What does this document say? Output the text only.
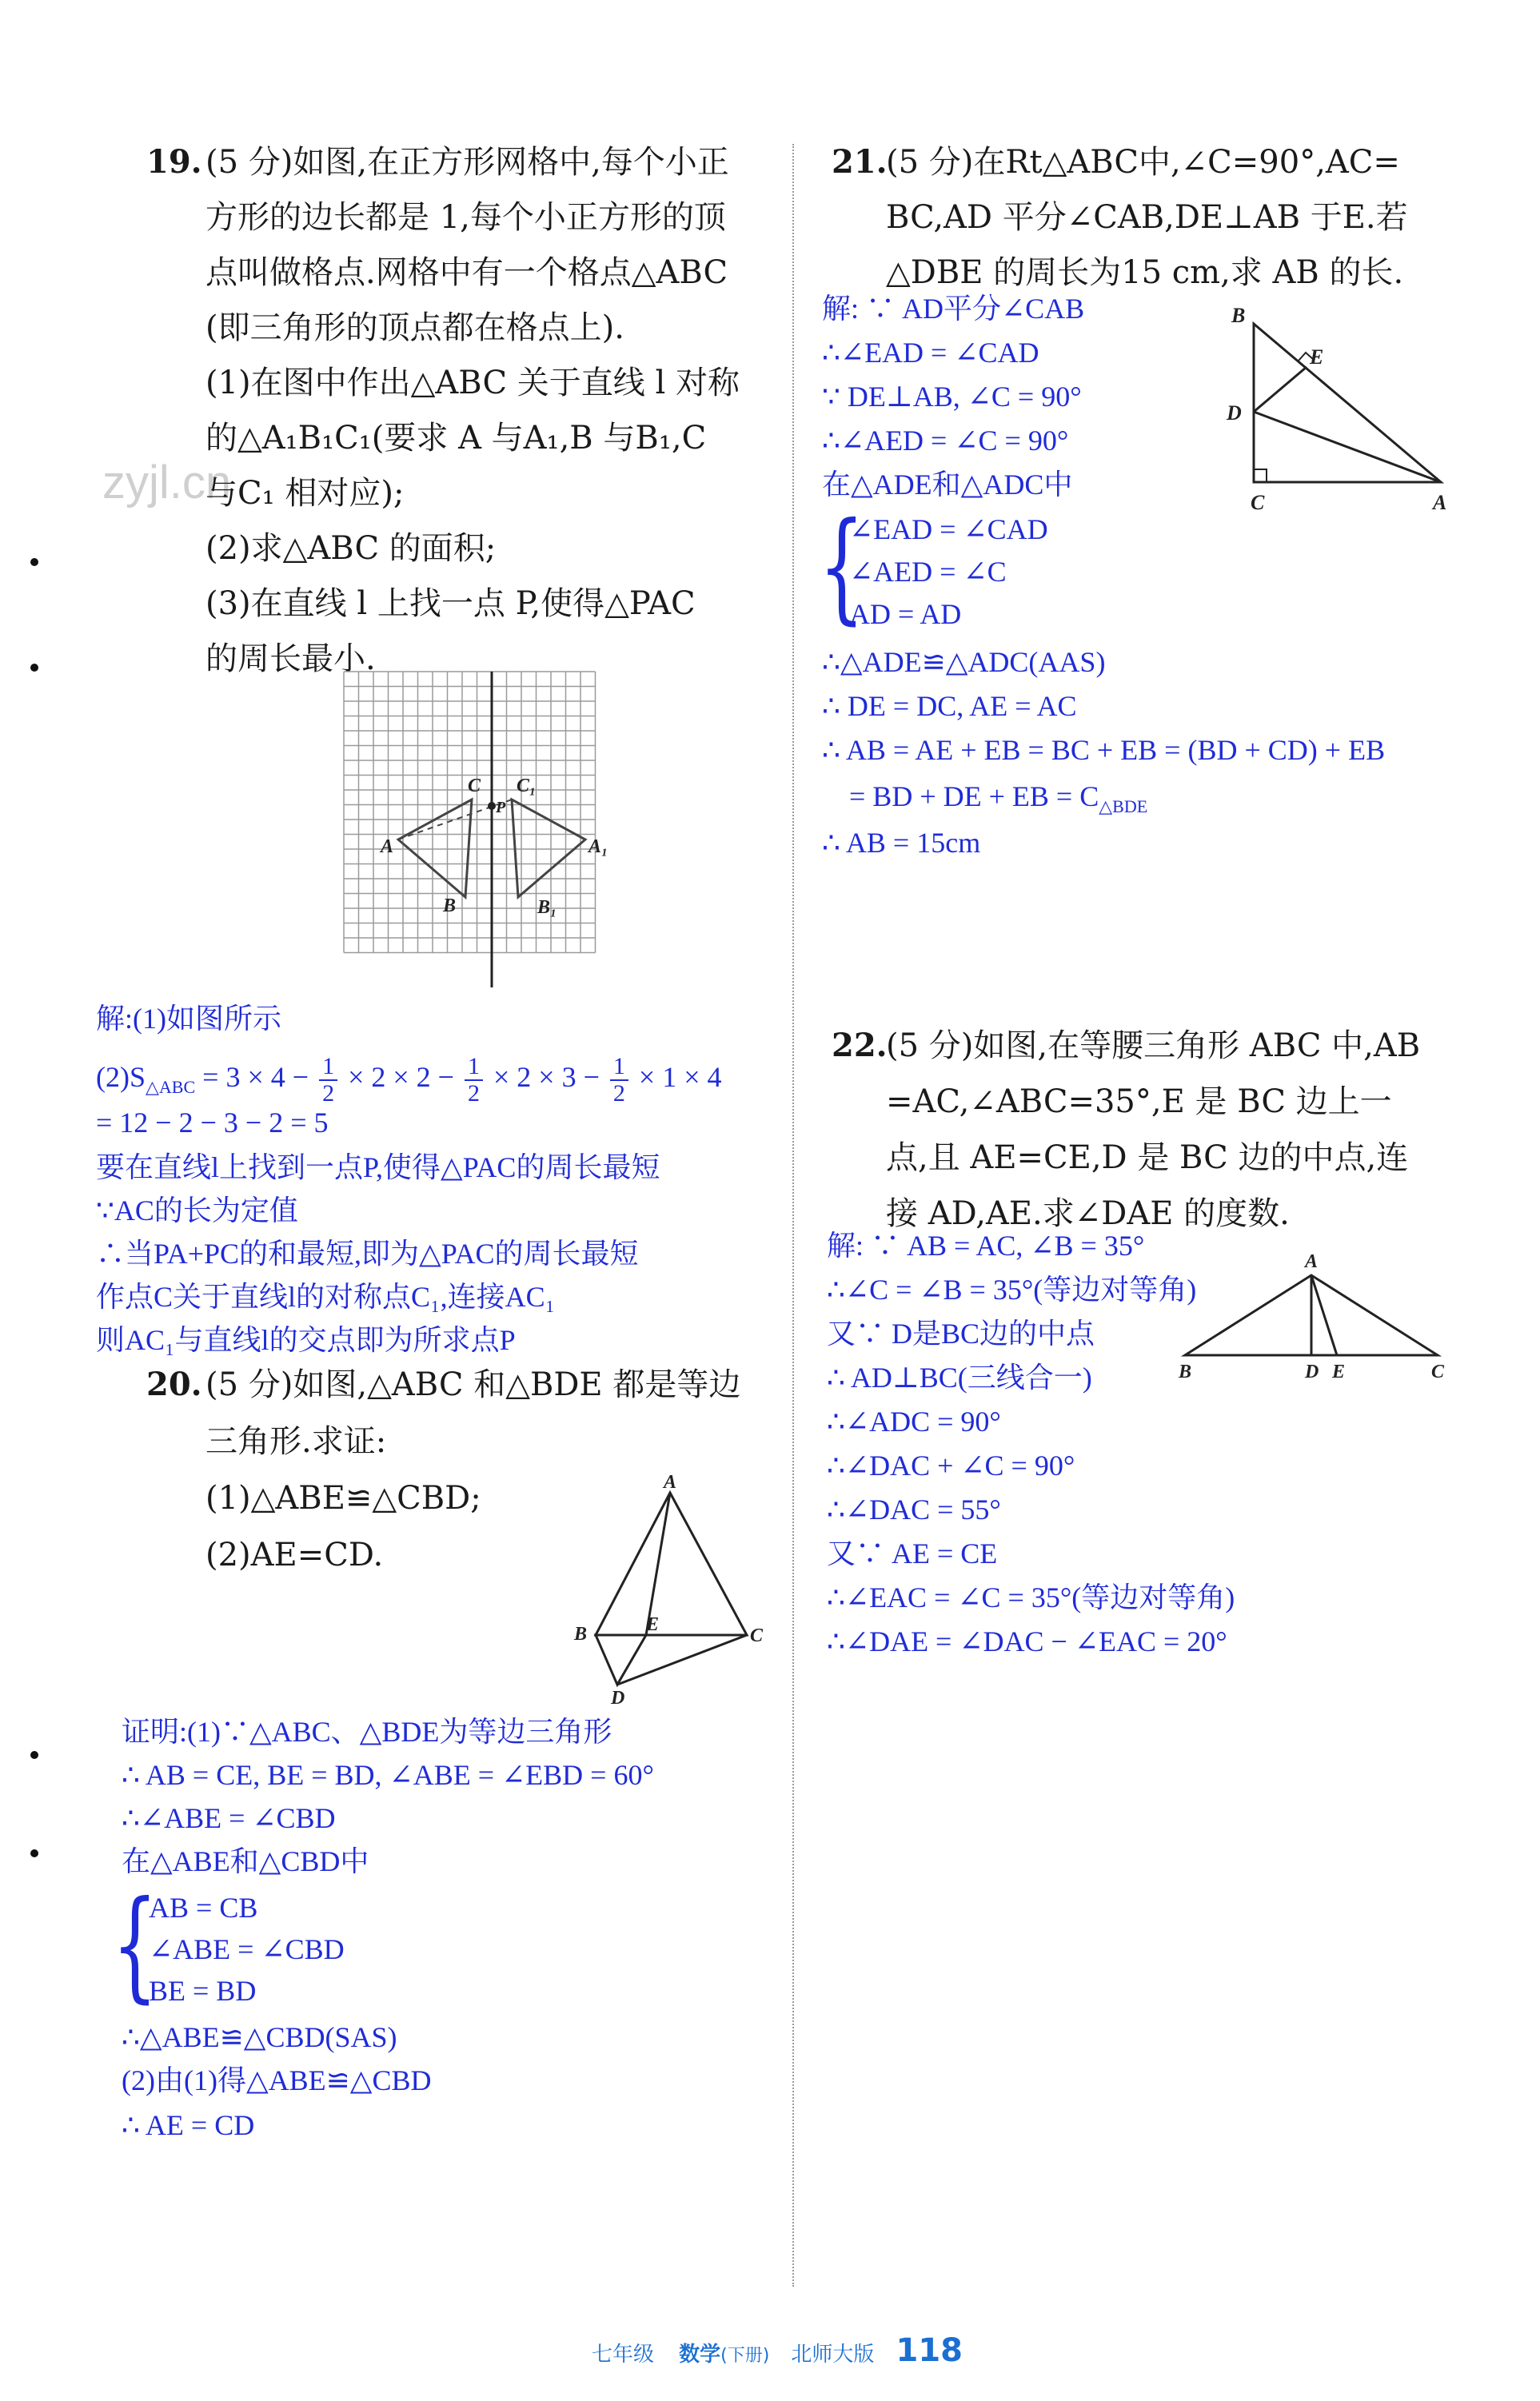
zyjl.cn
19. (5 分)如图,在正方形网格中,每个小正
方形的边长都是 1,每个小正方形的顶
点叫做格点.网格中有一个格点△ABC
(即三角形的顶点都在格点上).
(1)在图中作出△ABC 关于直线 l 对称
的△A₁B₁C₁(要求 A 与A₁,B 与B₁,C
与C₁ 相对应);
(2)求△ABC 的面积;
(3)在直线 l 上找一点 P,使得△PAC
的周长最小.
A
B
C
A₁
B₁
C₁
P
解:(1)如图所示
$(2)S_{\triangle ABC} = 3 \times 4 - \frac{1}{2} \times 2 \times 2 - \frac{1}{2} \times 2 \times 3 - \frac{1}{2} \times 1 \times 4$
= 12 − 2 − 3 − 2 = 5
要在直线l上找到一点P,使得△PAC的周长最短
∵AC的长为定值
∴当PA+PC的和最短,即为△PAC的周长最短
作点C关于直线l的对称点C₁,连接AC₁
则AC₁与直线l的交点即为所求点P
20. (5 分)如图,△ABC 和△BDE 都是等边
三角形.求证:
(1)△ABE≌△CBD;
(2)AE=CD.
A
B	C
D
E
证明:(1)∵△ABC、△BDE为等边三角形
∴ AB = CE, BE = BD, ∠ABE = ∠EBD = 60°
∴∠ABE = ∠CBD
在△ABE和△CBD中
{
AB = CB
∠ABE = ∠CBD
BE = BD
∴△ABE≌△CBD(SAS)
(2)由(1)得△ABE≌△CBD
∴ AE = CD
21.
(5 分)在Rt△ABC中,∠C=90°,AC=
BC,AD 平分∠CAB,DE⊥AB 于E.若
△DBE 的周长为15 cm,求 AB 的长.
B
E
D
C	A
解: ∵ AD平分∠CAB
∴∠EAD = ∠CAD
∵ DE⊥AB, ∠C = 90°
∴∠AED = ∠C = 90°
在△ADE和△ADC中
{
∠EAD = ∠CAD
∠AED = ∠C
AD = AD
∴△ADE≌△ADC(AAS)
∴ DE = DC, AE = AC
∴ AB = AE + EB = BC + EB = (BD + CD) + EB
= BD + DE + EB = $C_{\triangle BDE}$
∴ AB = 15cm
22.
(5 分)如图,在等腰三角形 ABC 中,AB
=AC,∠ABC=35°,E 是 BC 边上一
点,且 AE=CE,D 是 BC 边的中点,连
接 AD,AE.求∠DAE 的度数.
A
B	D E	C
解: ∵ AB = AC, ∠B = 35°
∴∠C = ∠B = 35°(等边对等角)
又∵ D是BC边的中点
∴ AD⊥BC(三线合一)
∴∠ADC = 90°
∴∠DAC + ∠C = 90°
∴∠DAC = 55°
又∵ AE = CE
∴∠EAC = ∠C = 35°(等边对等角)
∴∠DAE = ∠DAC − ∠EAC = 20°
七年级 数学(下册) 北师大版 118
